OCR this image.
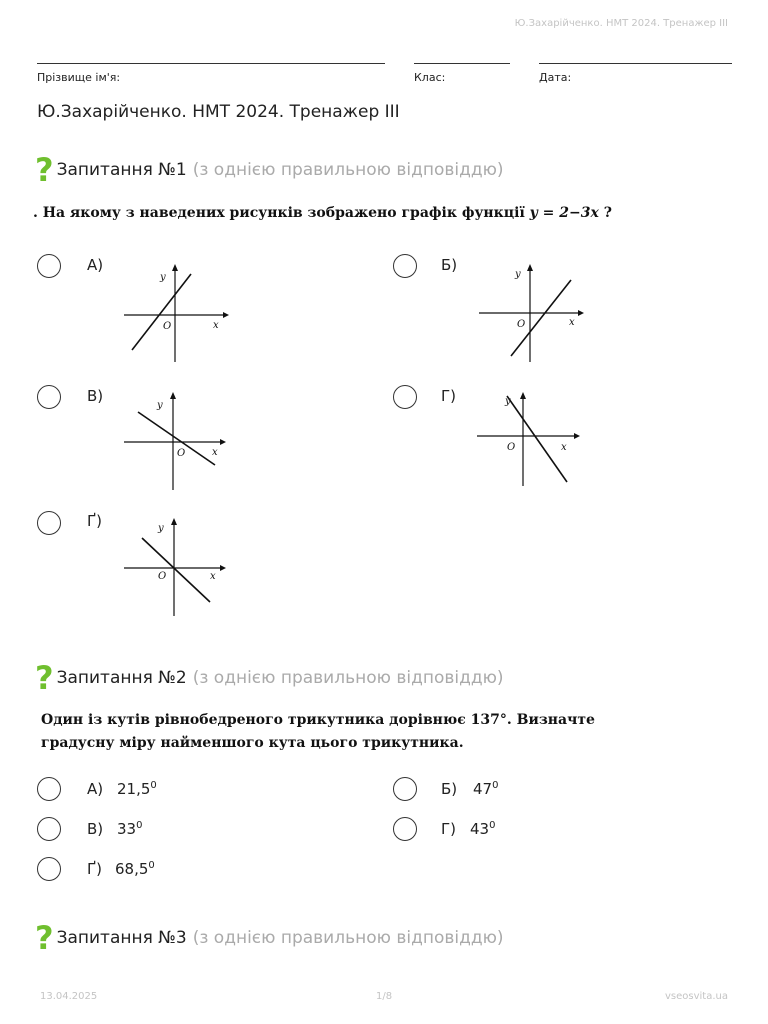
Ю.Захарійченко. НМТ 2024. Тренажер III
Прізвище ім'я:	Клас:	Дата:
Ю.Захарійченко. НМТ 2024. Тренажер III
? Запитання №1 (з однією правильною відповіддю)
. На якому з наведених рисунків зображено графік функції y = 2−3x ?
А)
y
x
O
Б)
y
x
O
В)
y
x
O
Г)	y
x
O
Ґ)	y
x
O
? Запитання №2 (з однією правильною відповіддю)
Один із кутів рівнобедреного трикутника дорівнює 137°. Визначте
градусну міру найменшого кута цього трикутника.
А) 21,5$^0$	Б) $47^0$
В) $33^0$	Г) $43^0$
Ґ) 68,5$^0$
? Запитання №3 (з однією правильною відповіддю)
13.04.2025	1/8	vseosvita.ua
